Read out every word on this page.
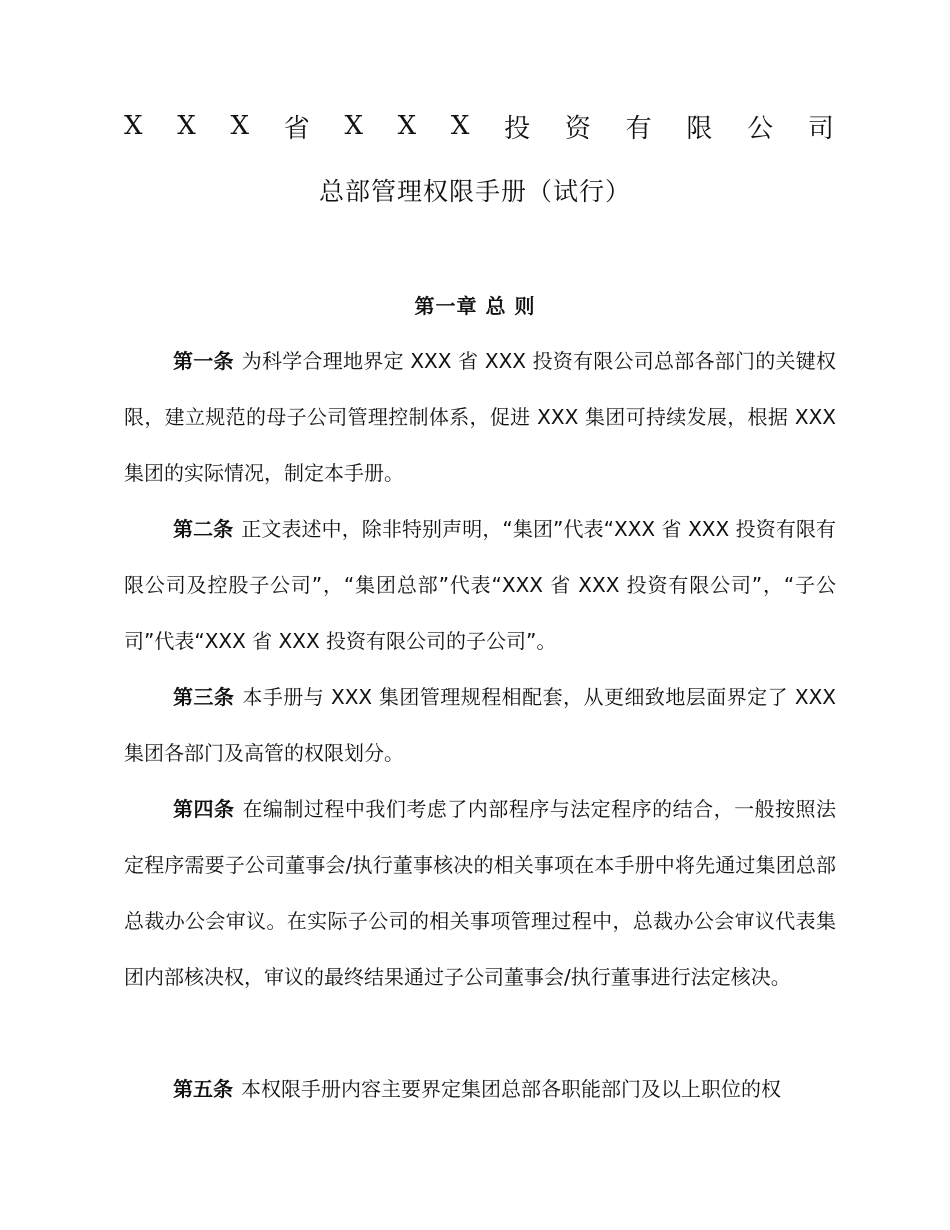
X X X 省 X X X 投 资 有 限 公 司
总部管理权限手册（试行）
第一章 总 则

第一条 为科学合理地界定 XXX 省 XXX 投资有限公司总部各部门的关键权限，建立规范的母子公司管理控制体系，促进 XXX 集团可持续发展，根据 XXX 集团的实际情况，制定本手册。

第二条 正文表述中，除非特别声明，“集团”代表“XXX 省 XXX 投资有限有限公司及控股子公司”，“集团总部”代表“XXX 省 XXX 投资有限公司”，“子公司”代表“XXX 省 XXX 投资有限公司的子公司”。

第三条 本手册与 XXX 集团管理规程相配套，从更细致地层面界定了 XXX 集团各部门及高管的权限划分。

第四条 在编制过程中我们考虑了内部程序与法定程序的结合，一般按照法定程序需要子公司董事会/执行董事核决的相关事项在本手册中将先通过集团总部总裁办公会审议。在实际子公司的相关事项管理过程中，总裁办公会审议代表集团内部核决权，审议的最终结果通过子公司董事会/执行董事进行法定核决。

第五条 本权限手册内容主要界定集团总部各职能部门及以上职位的权
